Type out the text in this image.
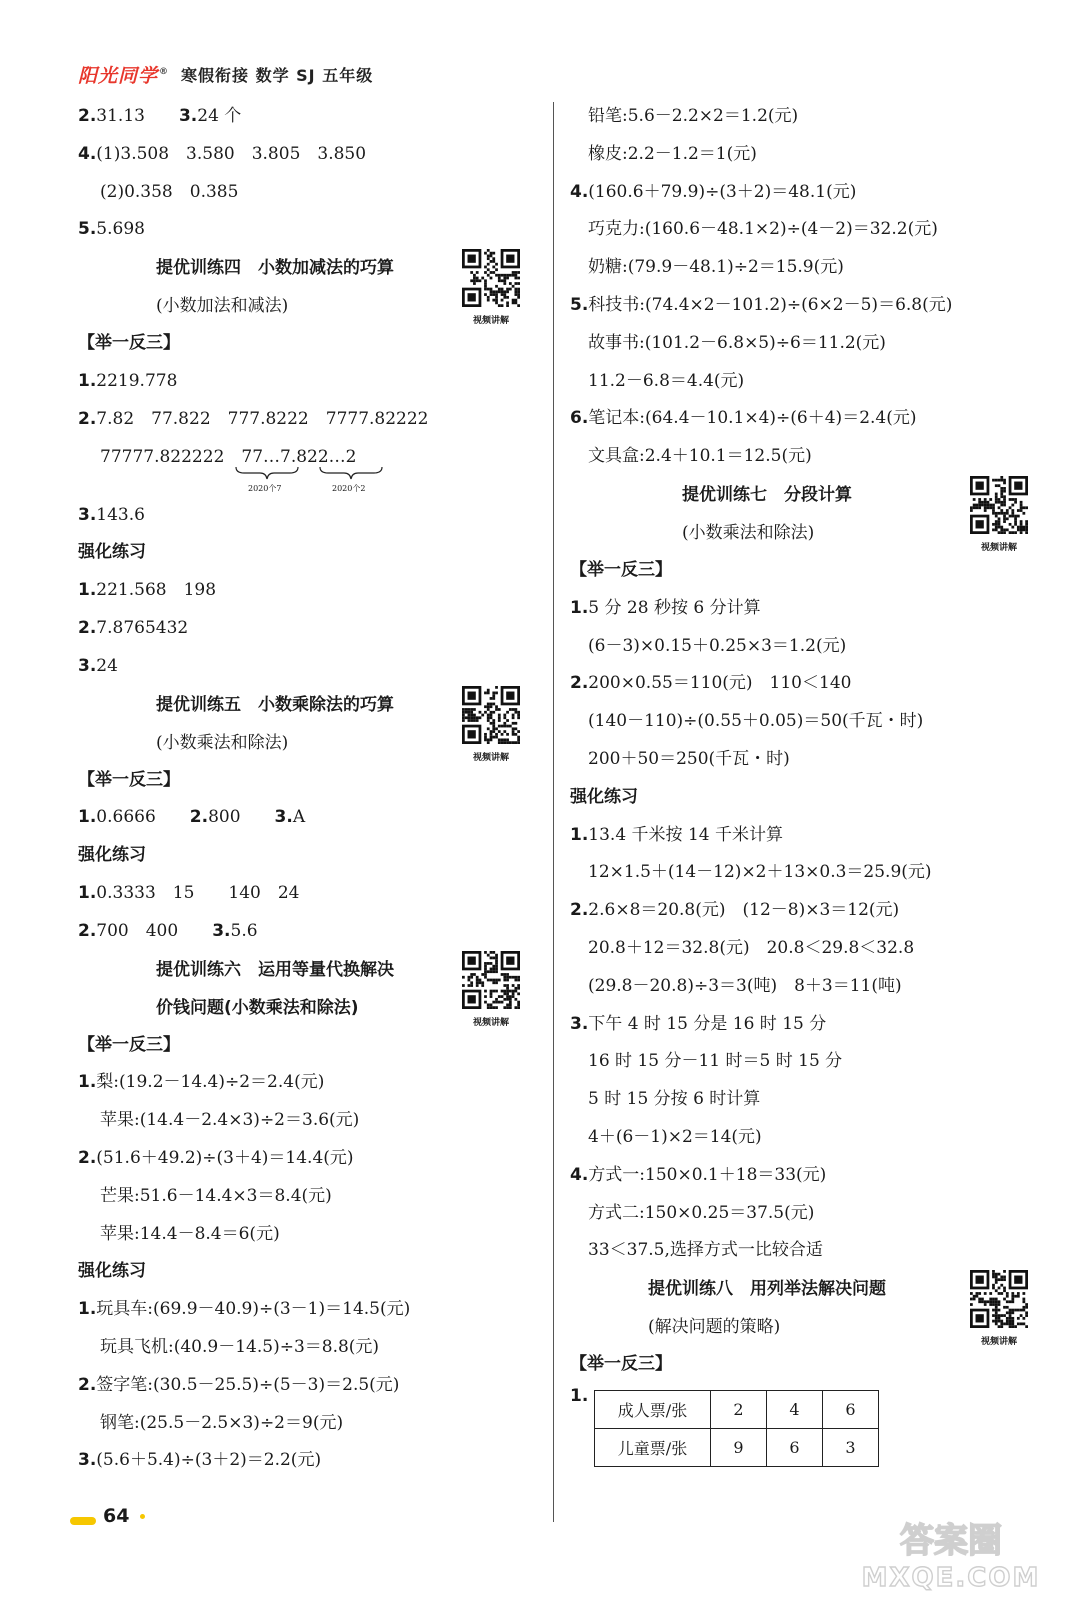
阳光同学® 寒假衔接 数学 SJ 五年级
2.31.13　　3.24 个
4.(1)3.508　3.580　3.805　3.850
(2)0.358　0.385
5.5.698
提优训练四　小数加减法的巧算
(小数加法和减法)
视频讲解
【举一反三】
1.2219.778
2.7.82　77.822　777.8222　7777.82222
77777.822222　77…7.822…2
2020个7	2020个2
3.143.6
强化练习
1.221.568　198
2.7.8765432
3.24
提优训练五　小数乘除法的巧算
(小数乘法和除法)
视频讲解
【举一反三】
1.0.6666　　2.800　　3.A
强化练习
1.0.3333　15　　140　24
2.700　400　　3.5.6
提优训练六　运用等量代换解决
价钱问题(小数乘法和除法)
视频讲解
【举一反三】
1.梨:(19.2－14.4)÷2＝2.4(元)
苹果:(14.4－2.4×3)÷2＝3.6(元)
2.(51.6＋49.2)÷(3＋4)＝14.4(元)
芒果:51.6－14.4×3＝8.4(元)
苹果:14.4－8.4＝6(元)
强化练习
1.玩具车:(69.9－40.9)÷(3－1)＝14.5(元)
玩具飞机:(40.9－14.5)÷3＝8.8(元)
2.签字笔:(30.5－25.5)÷(5－3)＝2.5(元)
钢笔:(25.5－2.5×3)÷2＝9(元)
3.(5.6＋5.4)÷(3＋2)＝2.2(元)
铅笔:5.6－2.2×2＝1.2(元)
橡皮:2.2－1.2＝1(元)
4.(160.6＋79.9)÷(3＋2)＝48.1(元)
巧克力:(160.6－48.1×2)÷(4－2)＝32.2(元)
奶糖:(79.9－48.1)÷2＝15.9(元)
5.科技书:(74.4×2－101.2)÷(6×2－5)＝6.8(元)
故事书:(101.2－6.8×5)÷6＝11.2(元)
11.2－6.8＝4.4(元)
6.笔记本:(64.4－10.1×4)÷(6＋4)＝2.4(元)
文具盒:2.4＋10.1＝12.5(元)
提优训练七　分段计算
(小数乘法和除法)
视频讲解
【举一反三】
1.5 分 28 秒按 6 分计算
(6－3)×0.15＋0.25×3＝1.2(元)
2.200×0.55＝110(元)　110＜140
(140－110)÷(0.55＋0.05)＝50(千瓦・时)
200＋50＝250(千瓦・时)
强化练习
1.13.4 千米按 14 千米计算
12×1.5＋(14－12)×2＋13×0.3＝25.9(元)
2.2.6×8＝20.8(元)　(12－8)×3＝12(元)
20.8＋12＝32.8(元)　20.8＜29.8＜32.8
(29.8－20.8)÷3＝3(吨)　8＋3＝11(吨)
3.下午 4 时 15 分是 16 时 15 分
16 时 15 分－11 时＝5 时 15 分
5 时 15 分按 6 时计算
4＋(6－1)×2＝14(元)
4.方式一:150×0.1＋18＝33(元)
方式二:150×0.25＝37.5(元)
33＜37.5,选择方式一比较合适
提优训练八　用列举法解决问题
(解决问题的策略)
视频讲解
【举一反三】
1.
成人票/张	2	4	6
儿童票/张	9	6	3
64
答案圈
MXQE.COM
